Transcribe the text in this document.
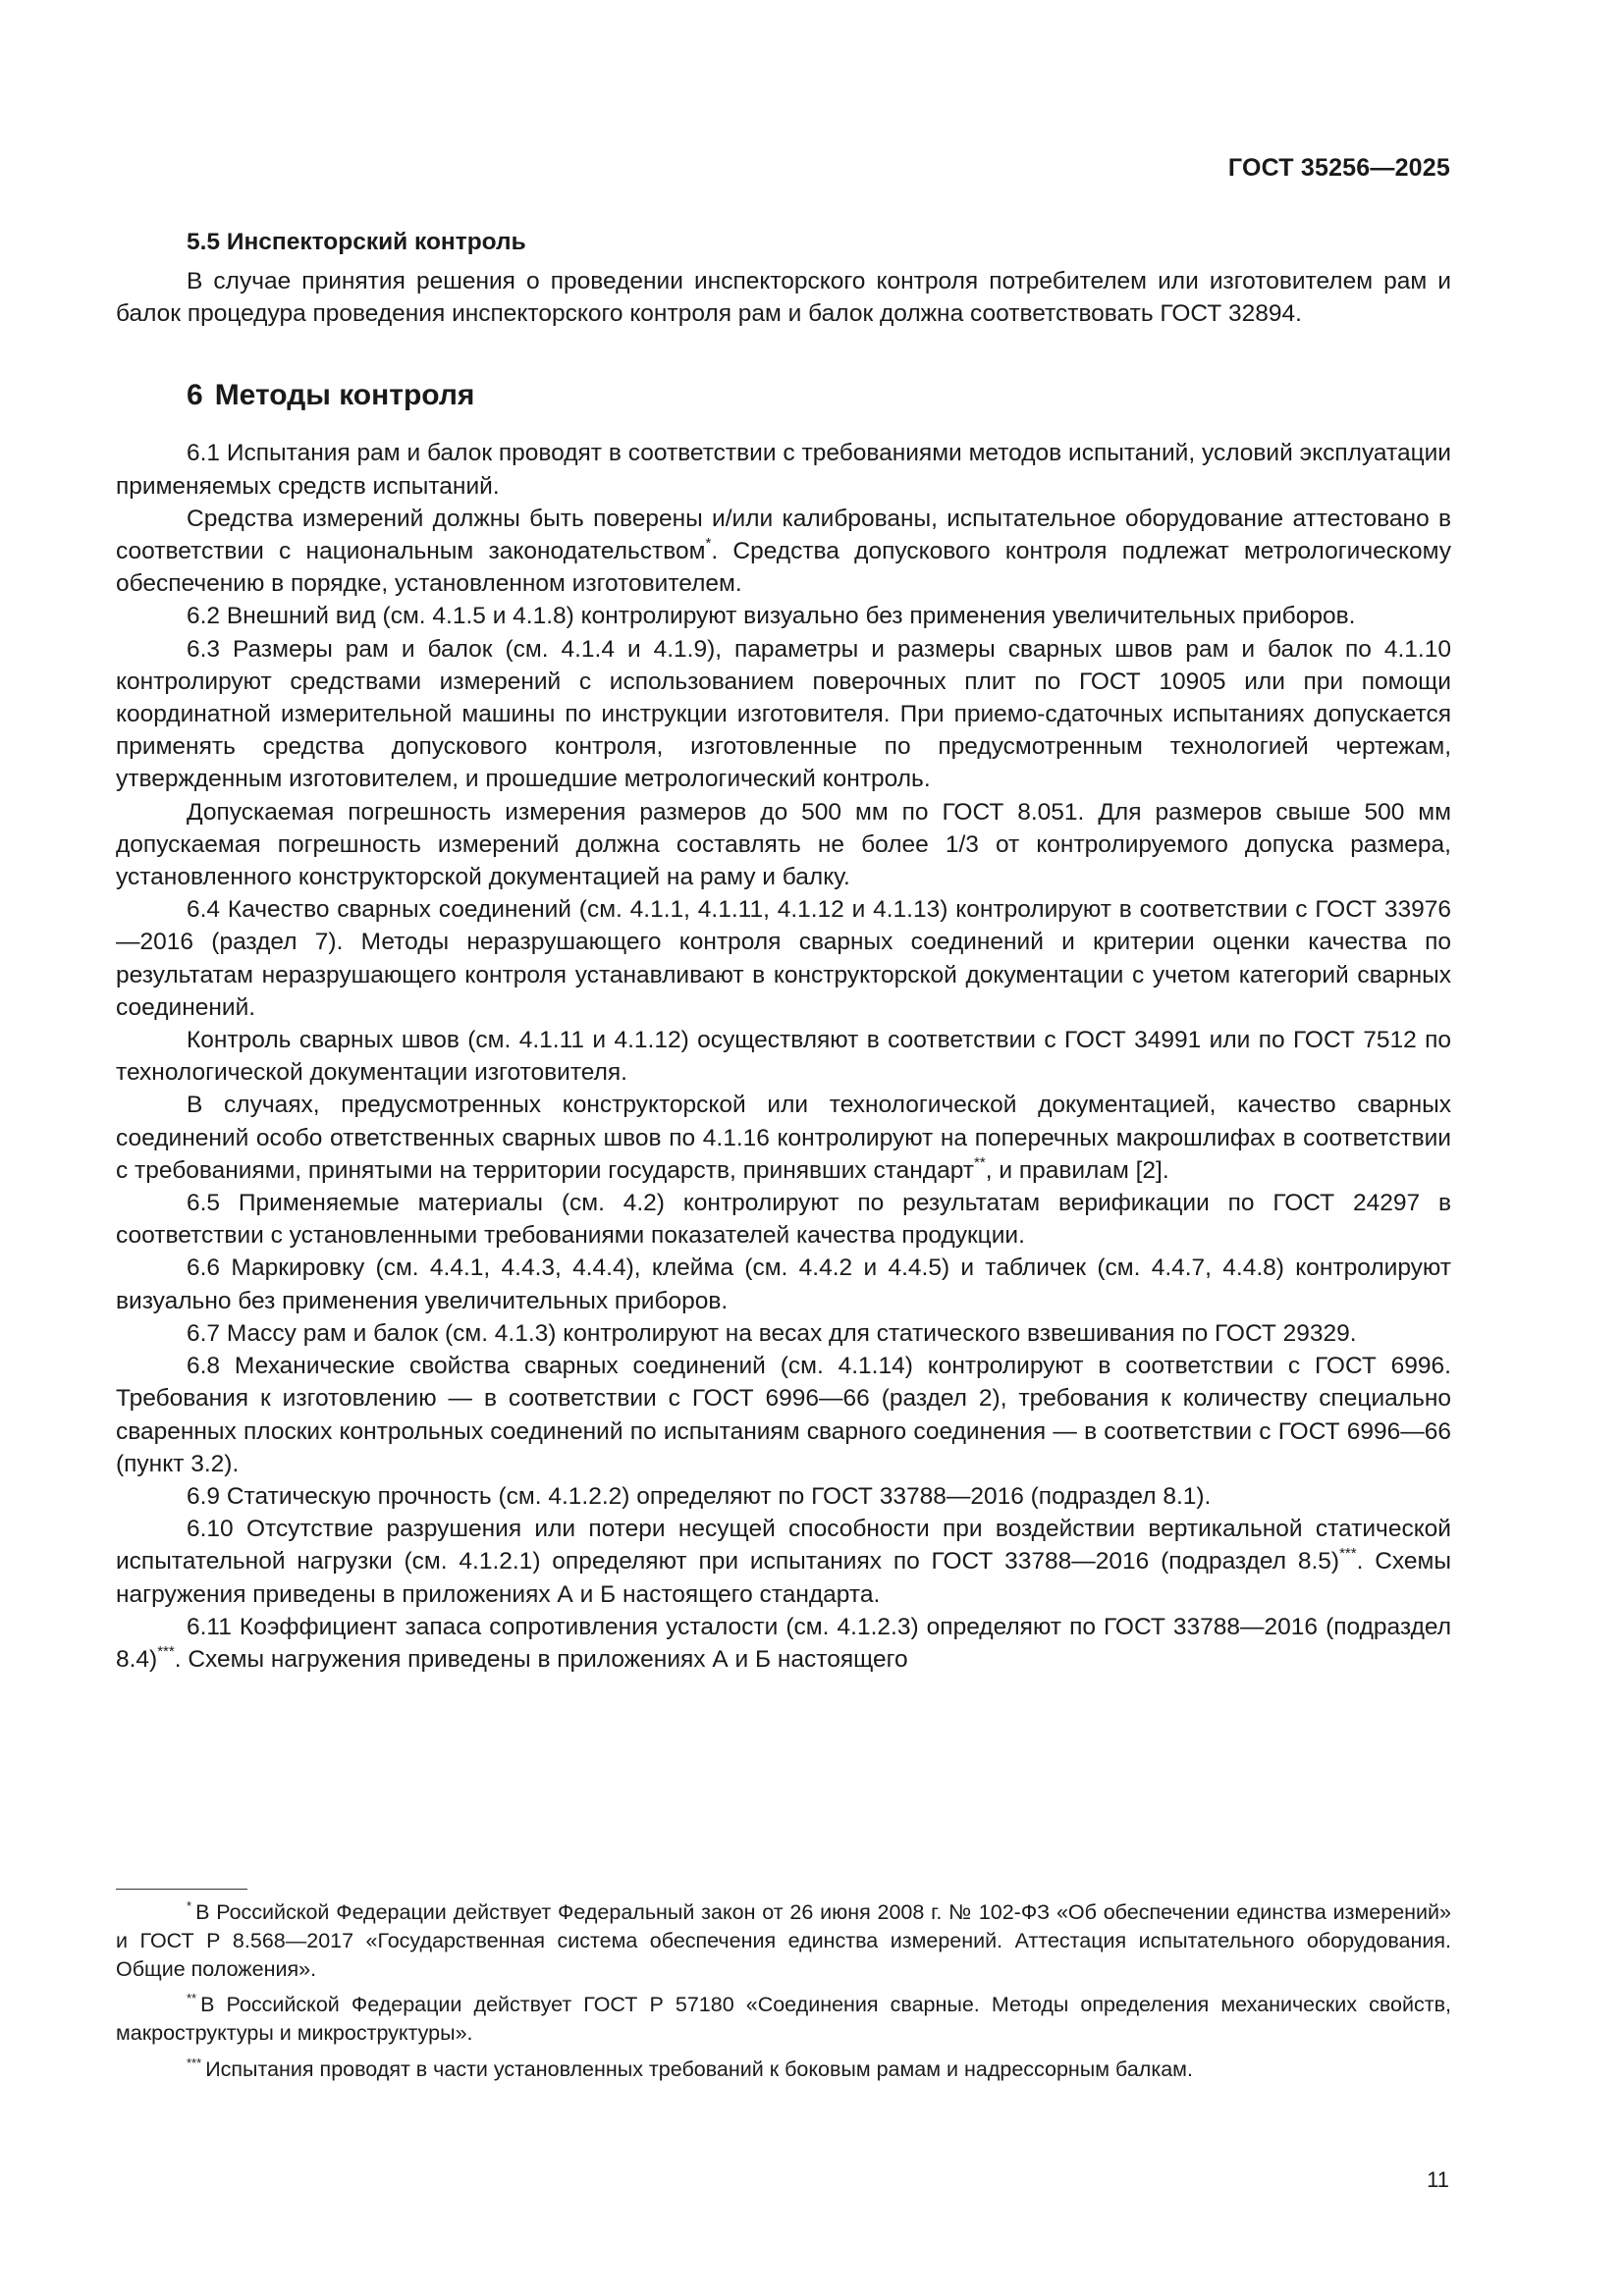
ГОСТ 35256—2025
5.5 Инспекторский контроль

В случае принятия решения о проведении инспекторского контроля потребителем или изготовителем рам и балок процедура проведения инспекторского контроля рам и балок должна соответствовать ГОСТ 32894.

6 Методы контроля

6.1 Испытания рам и балок проводят в соответствии с требованиями методов испытаний, условий эксплуатации применяемых средств испытаний.

Средства измерений должны быть поверены и/или калиброваны, испытательное оборудование аттестовано в соответствии с национальным законодательством*. Средства допускового контроля подлежат метрологическому обеспечению в порядке, установленном изготовителем.

6.2 Внешний вид (см. 4.1.5 и 4.1.8) контролируют визуально без применения увеличительных приборов.

6.3 Размеры рам и балок (см. 4.1.4 и 4.1.9), параметры и размеры сварных швов рам и балок по 4.1.10 контролируют средствами измерений с использованием поверочных плит по ГОСТ 10905 или при помощи координатной измерительной машины по инструкции изготовителя. При приемо-сдаточных испытаниях допускается применять средства допускового контроля, изготовленные по предусмотренным технологией чертежам, утвержденным изготовителем, и прошедшие метрологический контроль.

Допускаемая погрешность измерения размеров до 500 мм по ГОСТ 8.051. Для размеров свыше 500 мм допускаемая погрешность измерений должна составлять не более 1/3 от контролируемого допуска размера, установленного конструкторской документацией на раму и балку.

6.4 Качество сварных соединений (см. 4.1.1, 4.1.11, 4.1.12 и 4.1.13) контролируют в соответствии с ГОСТ 33976—2016 (раздел 7). Методы неразрушающего контроля сварных соединений и критерии оценки качества по результатам неразрушающего контроля устанавливают в конструкторской документации с учетом категорий сварных соединений.

Контроль сварных швов (см. 4.1.11 и 4.1.12) осуществляют в соответствии с ГОСТ 34991 или по ГОСТ 7512 по технологической документации изготовителя.

В случаях, предусмотренных конструкторской или технологической документацией, качество сварных соединений особо ответственных сварных швов по 4.1.16 контролируют на поперечных макрошлифах в соответствии с требованиями, принятыми на территории государств, принявших стандарт**, и правилам [2].

6.5 Применяемые материалы (см. 4.2) контролируют по результатам верификации по ГОСТ 24297 в соответствии с установленными требованиями показателей качества продукции.

6.6 Маркировку (см. 4.4.1, 4.4.3, 4.4.4), клейма (см. 4.4.2 и 4.4.5) и табличек (см. 4.4.7, 4.4.8) контролируют визуально без применения увеличительных приборов.

6.7 Массу рам и балок (см. 4.1.3) контролируют на весах для статического взвешивания по ГОСТ 29329.

6.8 Механические свойства сварных соединений (см. 4.1.14) контролируют в соответствии с ГОСТ 6996. Требования к изготовлению — в соответствии с ГОСТ 6996—66 (раздел 2), требования к количеству специально сваренных плоских контрольных соединений по испытаниям сварного соединения — в соответствии с ГОСТ 6996—66 (пункт 3.2).

6.9 Статическую прочность (см. 4.1.2.2) определяют по ГОСТ 33788—2016 (подраздел 8.1).

6.10 Отсутствие разрушения или потери несущей способности при воздействии вертикальной статической испытательной нагрузки (см. 4.1.2.1) определяют при испытаниях по ГОСТ 33788—2016 (подраздел 8.5)***. Схемы нагружения приведены в приложениях А и Б настоящего стандарта.

6.11 Коэффициент запаса сопротивления усталости (см. 4.1.2.3) определяют по ГОСТ 33788—2016 (подраздел 8.4)***. Схемы нагружения приведены в приложениях А и Б настоящего

* В Российской Федерации действует Федеральный закон от 26 июня 2008 г. № 102-ФЗ «Об обеспечении единства измерений» и ГОСТ Р 8.568—2017 «Государственная система обеспечения единства измерений. Аттестация испытательного оборудования. Общие положения».

** В Российской Федерации действует ГОСТ Р 57180 «Соединения сварные. Методы определения механических свойств, макроструктуры и микроструктуры».

*** Испытания проводят в части установленных требований к боковым рамам и надрессорным балкам.

11
